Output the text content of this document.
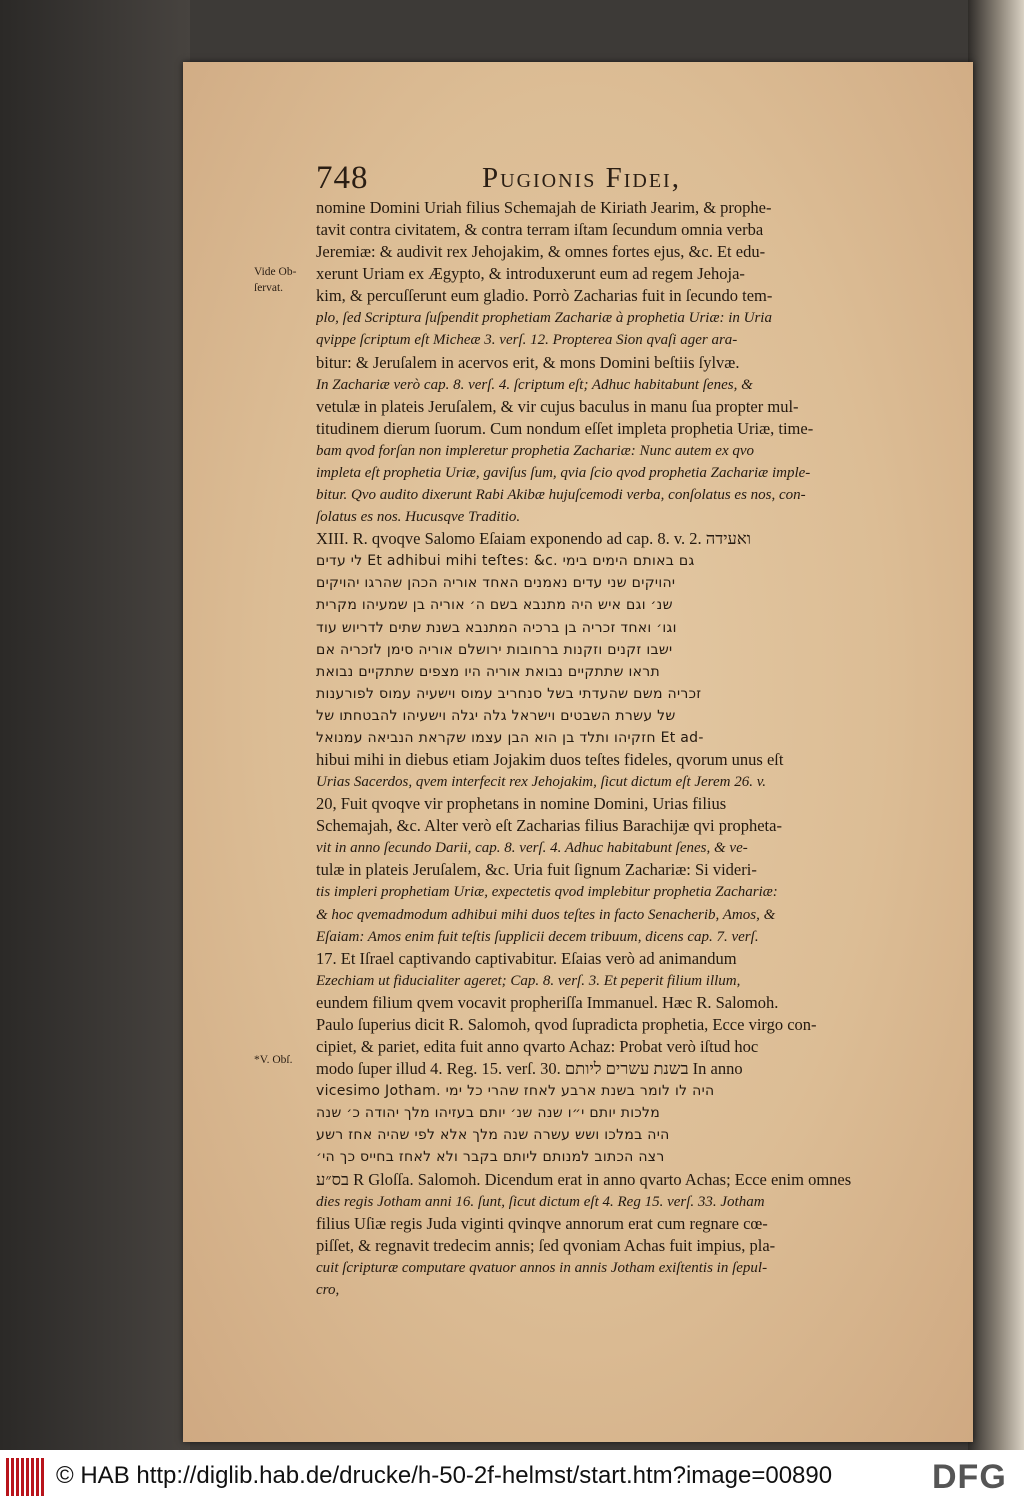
748	Pugionis Fidei,
Vide Ob-
ſervat.
*V. Obſ.
nomine Domini Uriah filius Schemajah de Kiriath Jearim, & prophe-
tavit contra civitatem, & contra terram iſtam ſecundum omnia verba
Jeremiæ: & audivit rex Jehojakim, & omnes fortes ejus, &c. Et edu-
xerunt Uriam ex Ægypto, & introduxerunt eum ad regem Jehoja-
kim, & percuſſerunt eum gladio. Porrò Zacharias fuit in ſecundo tem-
plo, ſed Scriptura ſuſpendit prophetiam Zachariæ à prophetia Uriæ: in Uria
qvippe ſcriptum eſt Micheæ 3. verſ. 12. Propterea Sion qvaſi ager ara-
bitur: & Jeruſalem in acervos erit, & mons Domini beſtiis ſylvæ.
In Zachariæ verò cap. 8. verſ. 4. ſcriptum eſt; Adhuc habitabunt ſenes, &
vetulæ in plateis Jeruſalem, & vir cujus baculus in manu ſua propter mul-
titudinem dierum ſuorum. Cum nondum eſſet impleta prophetia Uriæ, time-
bam qvod forſan non impleretur prophetia Zachariæ: Nunc autem ex qvo
impleta eſt prophetia Uriæ, gaviſus ſum, qvia ſcio qvod prophetia Zachariæ imple-
bitur. Qvo audito dixerunt Rabi Akibæ hujuſcemodi verba, conſolatus es nos, con-
ſolatus es nos. Hucusqve Traditio.
XIII. R. qvoqve Salomo Eſaiam exponendo ad cap. 8. v. 2. ואעידה
לי עדים Et adhibui mihi teſtes: &c. גם באותם הימים בימי
יהויקים שני עדים נאמנים האחד אוריה הכהן שהרגו יהויקים
שנ׳ וגם איש היה מתנבא בשם ה׳ אוריה בן שמעיהו מקרית
וגו׳ ואחד זכריה בן ברכיה המתנבא בשנת שתים לדריוש עוד
ישבו זקנים וזקנות ברחובות ירושלם אוריה סימן לזכריה אם
תראו שתתקיים נבואת אוריה היו מצפים שתתקיים נבואת
זכריה משם שהעדתי בשל סנחריב עמוס וישעיה עמוס לפורענות
של עשרת השבטים וישראל גלה יגלה וישעיהו להבטחתו של
חזקיהו ותלד בן הוא הבן עצמו שקראת הנביאה עמנואל Et ad-
hibui mihi in diebus etiam Jojakim duos teſtes fideles, qvorum unus eſt
Urias Sacerdos, qvem interfecit rex Jehojakim, ſicut dictum eſt Jerem 26. v.
20, Fuit qvoqve vir prophetans in nomine Domini, Urias filius
Schemajah, &c. Alter verò eſt Zacharias filius Barachijæ qvi propheta-
vit in anno ſecundo Darii, cap. 8. verſ. 4. Adhuc habitabunt ſenes, & ve-
tulæ in plateis Jeruſalem, &c. Uria fuit ſignum Zachariæ: Si videri-
tis impleri prophetiam Uriæ, expectetis qvod implebitur prophetia Zachariæ:
& hoc qvemadmodum adhibui mihi duos teſtes in facto Senacherib, Amos, &
Eſaiam: Amos enim fuit teſtis ſupplicii decem tribuum, dicens cap. 7. verſ.
17. Et Iſrael captivando captivabitur. Eſaias verò ad animandum
Ezechiam ut fiducialiter ageret; Cap. 8. verſ. 3. Et peperit filium illum,
eundem filium qvem vocavit propheriſſa Immanuel. Hæc R. Salomoh.
Paulo ſuperius dicit R. Salomoh, qvod ſupradicta prophetia, Ecce virgo con-
cipiet, & pariet, edita fuit anno qvarto Achaz: Probat verò iſtud hoc
modo ſuper illud 4. Reg. 15. verſ. 30. בשנת עשרים ליותם In anno
vicesimo Jotham. היה לו לומר בשנת ארבע לאחז שהרי כל ימי
מלכות יותם י״ו שנה שנ׳ יותם בעזיהו מלך יהודה כ׳ שנה
היה במלכו ושש עשרה שנה מלך אלא לפי שהיה אחז רשע
רצה הכתוב למנותם ליותם בקבר ולא לאחז בחייס כך הי׳
בס״ע R Gloſſa. Salomoh. Dicendum erat in anno qvarto Achas; Ecce enim omnes
dies regis Jotham anni 16. ſunt, ſicut dictum eſt 4. Reg 15. verſ. 33. Jotham
filius Uſiæ regis Juda viginti qvinqve annorum erat cum regnare cœ-
piſſet, & regnavit tredecim annis; ſed qvoniam Achas fuit impius, pla-
cuit ſcripturæ computare qvatuor annos in annis Jotham exiſtentis in ſepul-
cro,
© HAB http://diglib.hab.de/drucke/h-50-2f-helmst/start.htm?image=00890	DFG
